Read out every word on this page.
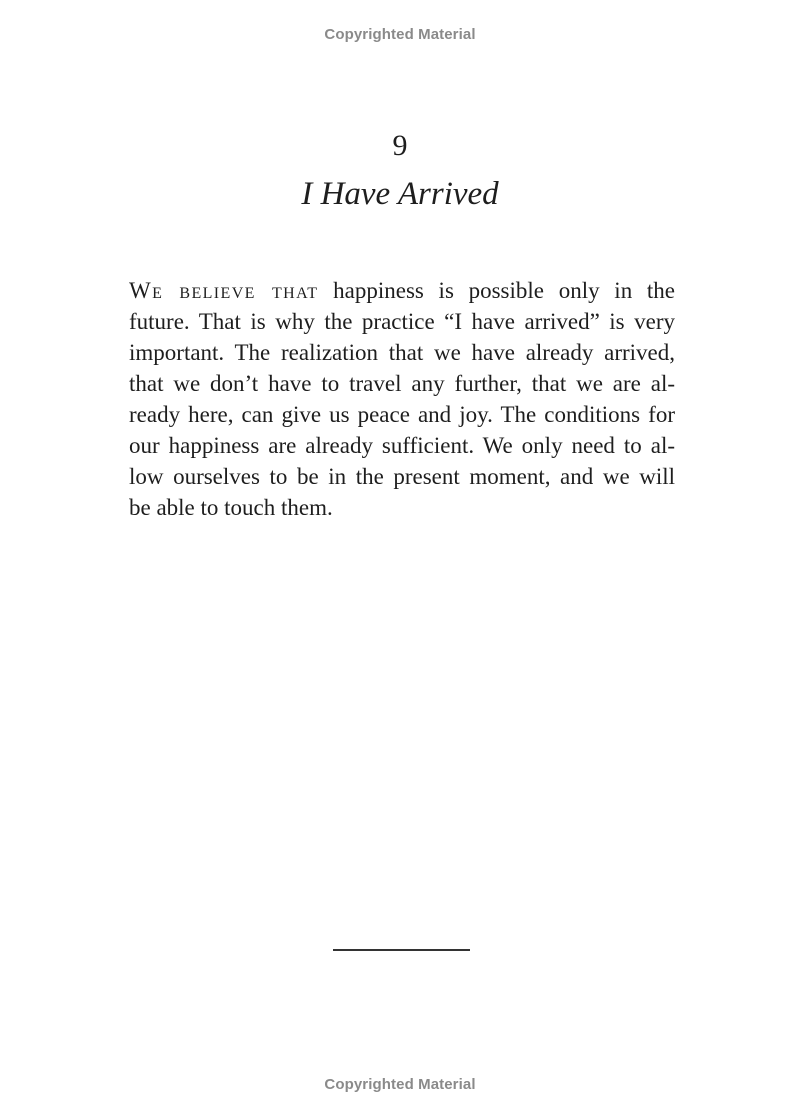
Copyrighted Material
9
I Have Arrived
We believe that happiness is possible only in the
future. That is why the practice “I have arrived” is very
important. The realization that we have already arrived,
that we don’t have to travel any further, that we are al-
ready here, can give us peace and joy. The conditions for
our happiness are already sufficient. We only need to al-
low ourselves to be in the present moment, and we will
be able to touch them.
Copyrighted Material
